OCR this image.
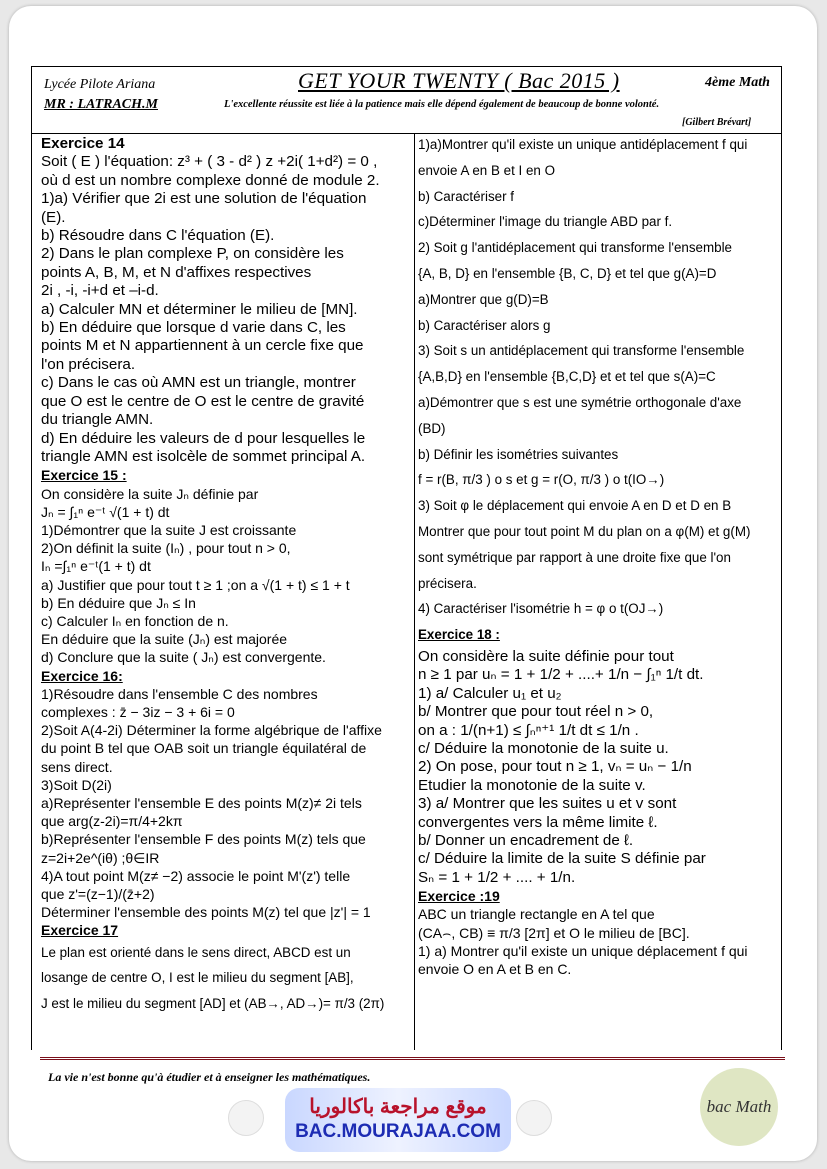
Lycée Pilote Ariana
MR : LATRACH.M
GET YOUR TWENTY ( Bac 2015 )	4ème Math
L'excellente réussite est liée à la patience mais elle dépend également de beaucoup de bonne volonté.
[Gilbert Brévart]

Exercice 14

Soit ( E ) l'équation: z³ + ( 3 - d² ) z +2i( 1+d²) = 0 ,

où d est un nombre complexe donné de module 2.

1)a) Vérifier que 2i est une solution de l'équation

(E).

b) Résoudre dans C l'équation (E).

2) Dans le plan complexe P, on considère les

points A, B, M, et N d'affixes respectives

2i , -i, -i+d et –i-d.

a) Calculer MN et déterminer le milieu de [MN].

b) En déduire que lorsque d varie dans C, les

points M et N appartiennent à un cercle fixe que

l'on précisera.

c) Dans le cas où AMN est un triangle, montrer

que O est le centre de O est le centre de gravité

du triangle AMN.

d) En déduire les valeurs de d pour lesquelles le

triangle AMN est isolcèle de sommet principal A.

Exercice 15 :

On considère la suite Jₙ définie par

Jₙ = ∫₁ⁿ e⁻ᵗ √(1 + t) dt

1)Démontrer que la suite J est croissante

2)On définit la suite (Iₙ) , pour tout n > 0,

Iₙ =∫₁ⁿ e⁻ᵗ(1 + t) dt

a) Justifier que pour tout t ≥ 1 ;on a √(1 + t) ≤ 1 + t

b) En déduire que Jₙ ≤ In

c) Calculer Iₙ en fonction de n.

En déduire que la suite (Jₙ) est majorée

d) Conclure que la suite ( Jₙ) est convergente.

Exercice 16:

1)Résoudre dans l'ensemble C des nombres

complexes : z̄ − 3iz − 3 + 6i = 0

2)Soit A(4-2i) Déterminer la forme algébrique de l'affixe

du point B tel que OAB soit un triangle équilatéral de

sens direct.

3)Soit D(2i)

a)Représenter l'ensemble E des points M(z)≠ 2i tels

que arg(z-2i)=π/4+2kπ

b)Représenter l'ensemble F des points M(z) tels que

z=2i+2e^(iθ) ;θ∈IR

4)A tout point M(z≠ −2) associe le point M'(z') telle

que z'=(z−1)/(z̄+2)

Déterminer l'ensemble des points M(z) tel que |z'| = 1

Exercice 17

Le plan est orienté dans le sens direct, ABCD est un

losange de centre O, I est le milieu du segment [AB],

J est le milieu du segment [AD] et (AB→, AD→)= π/3 (2π)

1)a)Montrer qu'il existe un unique antidéplacement f qui

envoie A en B et I en O

b) Caractériser f

c)Déterminer l'image du triangle ABD par f.

2) Soit g l'antidéplacement qui transforme l'ensemble

{A, B, D} en l'ensemble {B, C, D} et tel que g(A)=D

a)Montrer que g(D)=B

b) Caractériser alors g

3) Soit s un antidéplacement qui transforme l'ensemble

{A,B,D} en l'ensemble {B,C,D} et et tel que s(A)=C

a)Démontrer que s est une symétrie orthogonale d'axe

(BD)

b) Définir les isométries suivantes

f = r(B, π/3 ) o s et g = r(O, π/3 ) o t(IO→)

3) Soit φ le déplacement qui envoie A en D et D en B

Montrer que pour tout point M du plan on a φ(M) et g(M)

sont symétrique par rapport à une droite fixe que l'on

précisera.

4) Caractériser l'isométrie h = φ o t(OJ→)

Exercice 18 :

On considère la suite définie pour tout

n ≥ 1 par uₙ = 1 + 1/2 + ....+ 1/n − ∫₁ⁿ 1/t dt.

1) a/ Calculer u₁ et u₂

b/ Montrer que pour tout réel n > 0,

on a : 1/(n+1) ≤ ∫ₙⁿ⁺¹ 1/t dt ≤ 1/n .

c/ Déduire la monotonie de la suite u.

2) On pose, pour tout n ≥ 1, vₙ = uₙ − 1/n

Etudier la monotonie de la suite v.

3) a/ Montrer que les suites u et v sont

convergentes vers la même limite ℓ.

b/ Donner un encadrement de ℓ.

c/ Déduire la limite de la suite S définie par

Sₙ = 1 + 1/2 + .... + 1/n.

Exercice :19

ABC un triangle rectangle en A tel que

(CA⌢, CB) ≡ π/3 [2π] et O le milieu de [BC].

1) a) Montrer qu'il existe un unique déplacement f qui

envoie O en A et B en C.

La vie n'est bonne qu'à étudier et à enseigner les mathématiques.
موقع مراجعة باكالوريا
BAC.MOURAJAA.COM
bac Math
